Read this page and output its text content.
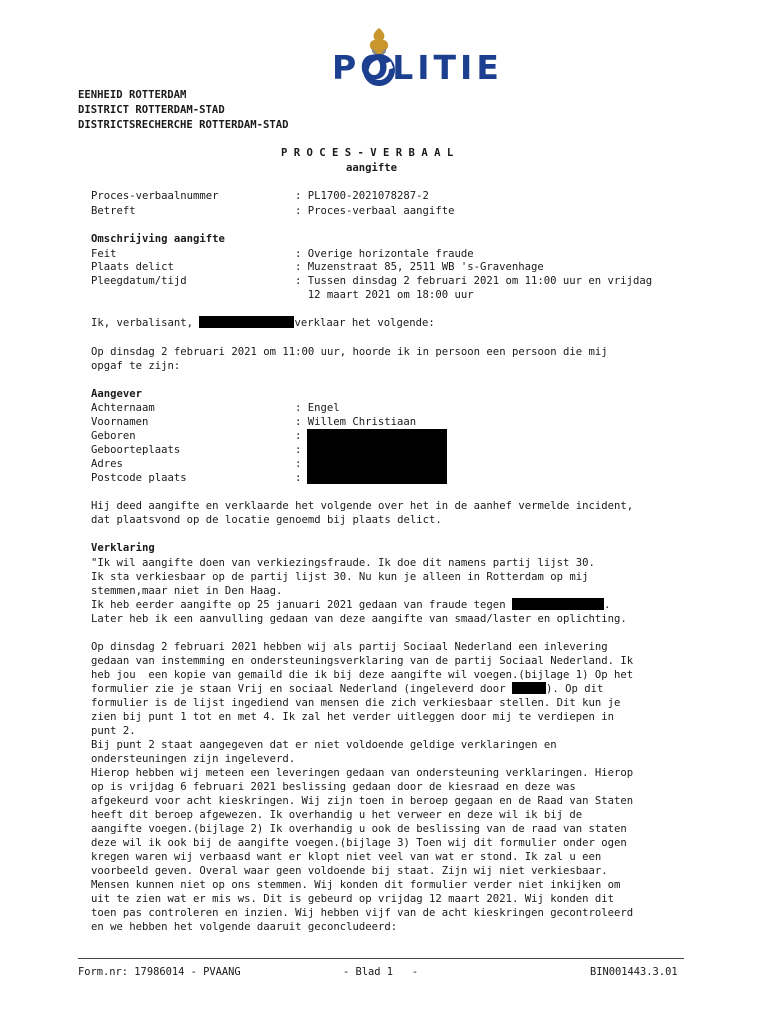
POLITIE
EENHEID ROTTERDAM
DISTRICT ROTTERDAM-STAD
DISTRICTSRECHERCHE ROTTERDAM-STAD
P R O C E S - V E R B A A L
aangifte
Proces-verbaalnummer	: PL1700-2021078287-2
Betreft	: Proces-verbaal aangifte
Omschrijving aangifte
Feit	: Overige horizontale fraude
Plaats delict	: Muzenstraat 85, 2511 WB 's-Gravenhage
Pleegdatum/tijd	: Tussen dinsdag 2 februari 2021 om 11:00 uur en vrijdag
12 maart 2021 om 18:00 uur
Ik, verbalisant,	verklaar het volgende:
Op dinsdag 2 februari 2021 om 11:00 uur, hoorde ik in persoon een persoon die mij
opgaf te zijn:
Aangever
Achternaam	: Engel
Voornamen	: Willem Christiaan
Geboren	:
Geboorteplaats	:
Adres	:
Postcode plaats	:
Hij deed aangifte en verklaarde het volgende over het in de aanhef vermelde incident,
dat plaatsvond op de locatie genoemd bij plaats delict.
Verklaring
"Ik wil aangifte doen van verkiezingsfraude. Ik doe dit namens partij lijst 30.
Ik sta verkiesbaar op de partij lijst 30. Nu kun je alleen in Rotterdam op mij
stemmen,maar niet in Den Haag.
Ik heb eerder aangifte op 25 januari 2021 gedaan van fraude tegen	.
Later heb ik een aanvulling gedaan van deze aangifte van smaad/laster en oplichting.
Op dinsdag 2 februari 2021 hebben wij als partij Sociaal Nederland een inlevering
gedaan van instemming en ondersteuningsverklaring van de partij Sociaal Nederland. Ik
heb jou  een kopie van gemaild die ik bij deze aangifte wil voegen.(bijlage 1) Op het
formulier zie je staan Vrij en sociaal Nederland (ingeleverd door	). Op dit
formulier is de lijst ingediend van mensen die zich verkiesbaar stellen. Dit kun je
zien bij punt 1 tot en met 4. Ik zal het verder uitleggen door mij te verdiepen in
punt 2.
Bij punt 2 staat aangegeven dat er niet voldoende geldige verklaringen en
ondersteuningen zijn ingeleverd.
Hierop hebben wij meteen een leveringen gedaan van ondersteuning verklaringen. Hierop
op is vrijdag 6 februari 2021 beslissing gedaan door de kiesraad en deze was
afgekeurd voor acht kieskringen. Wij zijn toen in beroep gegaan en de Raad van Staten
heeft dit beroep afgewezen. Ik overhandig u het verweer en deze wil ik bij de
aangifte voegen.(bijlage 2) Ik overhandig u ook de beslissing van de raad van staten
deze wil ik ook bij de aangifte voegen.(bijlage 3) Toen wij dit formulier onder ogen
kregen waren wij verbaasd want er klopt niet veel van wat er stond. Ik zal u een
voorbeeld geven. Overal waar geen voldoende bij staat. Zijn wij niet verkiesbaar.
Mensen kunnen niet op ons stemmen. Wij konden dit formulier verder niet inkijken om
uit te zien wat er mis ws. Dit is gebeurd op vrijdag 12 maart 2021. Wij konden dit
toen pas controleren en inzien. Wij hebben vijf van de acht kieskringen gecontroleerd
en we hebben het volgende daaruit geconcludeerd:
Form.nr: 17986014 - PVAANG	- Blad 1   -	BIN001443.3.01
